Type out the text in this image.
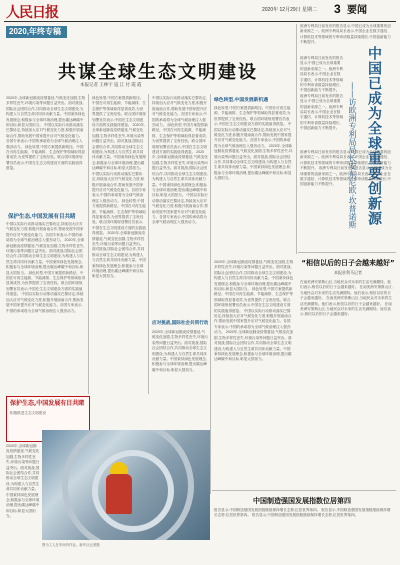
人民日报	2020年 12月29日 星期二 3 要闻
2020,年终专稿
共谋全球生态文明建设
本报记者 王林宇 寇 江 付 霞 霞
2020年,全球新冠肺炎疫情蔓延,气候变化加剧,生物多样性丧失,环境污染等问题日益突出。面对挑战,国际社会团结合作,共同推动全球生态文明建设,为构建人与自然生命共同体贡献力量。中国秉持绿色发展理念,积极参与全球环境治理,提出碳达峰碳中和目标,彰显大国担当。 中国以实际行动推动落实巴黎协定,持续加大应对气候变化力度,积极开展南南合作,帮助发展中国家提升应对气候变化能力。各国专家表示,中国的承诺将为全球气候治理注入强劲动力。 绿色转型,中国方案提供新路径。中国在可再生能源、节能减排、生态保护等领域取得显著成效,为世界提供了宝贵经验。联合国环境规划署官员表示,中国在生态文明建设方面的实践值得借鉴。
保护生态,中国发展有目共睹
中国以实际行动推动落实巴黎协定,持续加大应对气候变化力度,积极开展南南合作,帮助发展中国家提升应对气候变化能力。各国专家表示,中国的承诺将为全球气候治理注入强劲动力。 2020年,全球新冠肺炎疫情蔓延,气候变化加剧,生物多样性丧失,环境污染等问题日益突出。面对挑战,国际社会团结合作,共同推动全球生态文明建设,为构建人与自然生命共同体贡献力量。中国秉持绿色发展理念,积极参与全球环境治理,提出碳达峰碳中和目标,彰显大国担当。 绿色转型,中国方案提供新路径。中国在可再生能源、节能减排、生态保护等领域取得显著成效,为世界提供了宝贵经验。联合国环境规划署官员表示,中国在生态文明建设方面的实践值得借鉴。 中国以实际行动推动落实巴黎协定,持续加大应对气候变化力度,积极开展南南合作,帮助发展中国家提升应对气候变化能力。各国专家表示,中国的承诺将为全球气候治理注入强劲动力。
绿色转型,中国方案提供新路径。中国在可再生能源、节能减排、生态保护等领域取得显著成效,为世界提供了宝贵经验。联合国环境规划署官员表示,中国在生态文明建设方面的实践值得借鉴。 2020年,全球新冠肺炎疫情蔓延,气候变化加剧,生物多样性丧失,环境污染等问题日益突出。面对挑战,国际社会团结合作,共同推动全球生态文明建设,为构建人与自然生命共同体贡献力量。中国秉持绿色发展理念,积极参与全球环境治理,提出碳达峰碳中和目标,彰显大国担当。 中国以实际行动推动落实巴黎协定,持续加大应对气候变化力度,积极开展南南合作,帮助发展中国家提升应对气候变化能力。各国专家表示,中国的承诺将为全球气候治理注入强劲动力。 绿色转型,中国方案提供新路径。中国在可再生能源、节能减排、生态保护等领域取得显著成效,为世界提供了宝贵经验。联合国环境规划署官员表示,中国在生态文明建设方面的实践值得借鉴。 2020年,全球新冠肺炎疫情蔓延,气候变化加剧,生物多样性丧失,环境污染等问题日益突出。面对挑战,国际社会团结合作,共同推动全球生态文明建设,为构建人与自然生命共同体贡献力量。中国秉持绿色发展理念,积极参与全球环境治理,提出碳达峰碳中和目标,彰显大国担当。
中国以实际行动推动落实巴黎协定,持续加大应对气候变化力度,积极开展南南合作,帮助发展中国家提升应对气候变化能力。各国专家表示,中国的承诺将为全球气候治理注入强劲动力。 绿色转型,中国方案提供新路径。中国在可再生能源、节能减排、生态保护等领域取得显著成效,为世界提供了宝贵经验。联合国环境规划署官员表示,中国在生态文明建设方面的实践值得借鉴。 2020年,全球新冠肺炎疫情蔓延,气候变化加剧,生物多样性丧失,环境污染等问题日益突出。面对挑战,国际社会团结合作,共同推动全球生态文明建设,为构建人与自然生命共同体贡献力量。中国秉持绿色发展理念,积极参与全球环境治理,提出碳达峰碳中和目标,彰显大国担当。 中国以实际行动推动落实巴黎协定,持续加大应对气候变化力度,积极开展南南合作,帮助发展中国家提升应对气候变化能力。各国专家表示,中国的承诺将为全球气候治理注入强劲动力。
应对挑战,国际社会共同行动
2020年,全球新冠肺炎疫情蔓延,气候变化加剧,生物多样性丧失,环境污染等问题日益突出。面对挑战,国际社会团结合作,共同推动全球生态文明建设,为构建人与自然生命共同体贡献力量。中国秉持绿色发展理念,积极参与全球环境治理,提出碳达峰碳中和目标,彰显大国担当。
绿色转型,中国发展新机遇
绿色转型,中国方案提供新路径。中国在可再生能源、节能减排、生态保护等领域取得显著成效,为世界提供了宝贵经验。联合国环境规划署官员表示,中国在生态文明建设方面的实践值得借鉴。 中国以实际行动推动落实巴黎协定,持续加大应对气候变化力度,积极开展南南合作,帮助发展中国家提升应对气候变化能力。各国专家表示,中国的承诺将为全球气候治理注入强劲动力。 2020年,全球新冠肺炎疫情蔓延,气候变化加剧,生物多样性丧失,环境污染等问题日益突出。面对挑战,国际社会团结合作,共同推动全球生态文明建设,为构建人与自然生命共同体贡献力量。中国秉持绿色发展理念,积极参与全球环境治理,提出碳达峰碳中和目标,彰显大国担当。
2020年,全球新冠肺炎疫情蔓延,气候变化加剧,生物多样性丧失,环境污染等问题日益突出。面对挑战,国际社会团结合作,共同推动全球生态文明建设,为构建人与自然生命共同体贡献力量。中国秉持绿色发展理念,积极参与全球环境治理,提出碳达峰碳中和目标,彰显大国担当。 绿色转型,中国方案提供新路径。中国在可再生能源、节能减排、生态保护等领域取得显著成效,为世界提供了宝贵经验。联合国环境规划署官员表示,中国在生态文明建设方面的实践值得借鉴。 中国以实际行动推动落实巴黎协定,持续加大应对气候变化力度,积极开展南南合作,帮助发展中国家提升应对气候变化能力。各国专家表示,中国的承诺将为全球气候治理注入强劲动力。 2020年,全球新冠肺炎疫情蔓延,气候变化加剧,生物多样性丧失,环境污染等问题日益突出。面对挑战,国际社会团结合作,共同推动全球生态文明建设,为构建人与自然生命共同体贡献力量。中国秉持绿色发展理念,积极参与全球环境治理,提出碳达峰碳中和目标,彰显大国担当。
欧洲专利局日前发布的报告显示,中国已成为全球重要的创新来源之一。欧洲专利局局长表示,中国企业在数字通信、计算机技术等领域的专利申请数量持续增长,中国创新能力不断提升。
中国已成为全球重要创新源
——访欧洲专利局局长安东尼欧·坎普诺斯
欧洲专利局日前发布的报告显示,中国已成为全球重要的创新来源之一。欧洲专利局局长表示,中国企业在数字通信、计算机技术等领域的专利申请数量持续增长,中国创新能力不断提升。 欧洲专利局日前发布的报告显示,中国已成为全球重要的创新来源之一。欧洲专利局局长表示,中国企业在数字通信、计算机技术等领域的专利申请数量持续增长,中国创新能力不断提升。
欧洲专利局日前发布的报告显示,中国已成为全球重要的创新来源之一。欧洲专利局局长表示,中国企业在数字通信、计算机技术等领域的专利申请数量持续增长,中国创新能力不断提升。 欧洲专利局日前发布的报告显示,中国已成为全球重要的创新来源之一。欧洲专利局局长表示,中国企业在数字通信、计算机技术等领域的专利申请数量持续增长,中国创新能力不断提升。
“相信以后的日子会越来越好”
本报驻利马记者
在南美洲安第斯山区,当地民众对未来的生活充满期待。他们表示,相信以后的日子会越来越好。 在南美洲安第斯山区,当地民众对未来的生活充满期待。他们表示,相信以后的日子会越来越好。 在南美洲安第斯山区,当地民众对未来的生活充满期待。他们表示,相信以后的日子会越来越好。 在南美洲安第斯山区,当地民众对未来的生活充满期待。他们表示,相信以后的日子会越来越好。
中国制造强国发展指数位居第四
报告显示,中国制造强国发展指数继续保持增长态势,位居世界第四。 报告显示,中国制造强国发展指数继续保持增长态势,位居世界第四。 报告显示,中国制造强国发展指数继续保持增长态势,位居世界第四。
保护生态,中国发展有目共睹
积极推进生态文明建设
2020年,全球新冠肺炎疫情蔓延,气候变化加剧,生物多样性丧失,环境污染等问题日益突出。面对挑战,国际社会团结合作,共同推动全球生态文明建设,为构建人与自然生命共同体贡献力量。中国秉持绿色发展理念,积极参与全球环境治理,提出碳达峰碳中和目标,彰显大国担当。
图为工人在车间内作业。新华社记者摄
